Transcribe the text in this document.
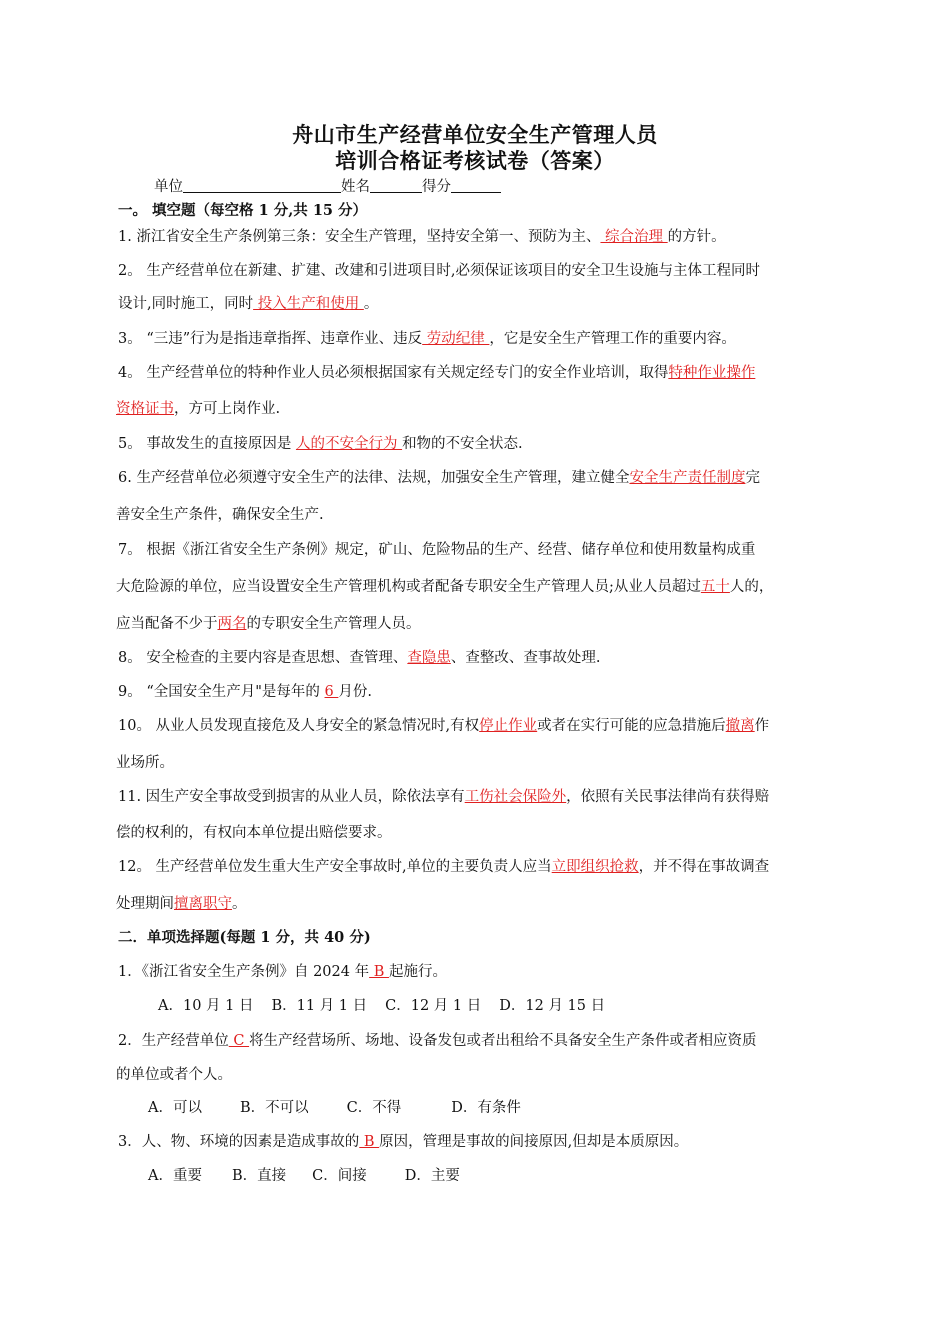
舟山市生产经营单位安全生产管理人员
培训合格证考核试卷（答案）
单位	姓名	得分
一。 填空题（每空格 1 分,共 15 分）
1. 浙江省安全生产条例第三条：安全生产管理，坚持安全第一、预防为主、 综合治理 的方针。
2。 生产经营单位在新建、扩建、改建和引进项目时,必须保证该项目的安全卫生设施与主体工程同时
设计,同时施工，同时 投入生产和使用 。
3。 “三违”行为是指违章指挥、违章作业、违反 劳动纪律 ，它是安全生产管理工作的重要内容。
4。 生产经营单位的特种作业人员必须根据国家有关规定经专门的安全作业培训，取得特种作业操作
资格证书，方可上岗作业.
5。 事故发生的直接原因是 人的不安全行为 和物的不安全状态.
6. 生产经营单位必须遵守安全生产的法律、法规，加强安全生产管理，建立健全安全生产责任制度完
善安全生产条件，确保安全生产.
7。 根据《浙江省安全生产条例》规定，矿山、危险物品的生产、经营、储存单位和使用数量构成重
大危险源的单位，应当设置安全生产管理机构或者配备专职安全生产管理人员;从业人员超过五十人的，
应当配备不少于两名的专职安全生产管理人员。
8。 安全检查的主要内容是查思想、查管理、查隐患、查整改、查事故处理.
9。 “全国安全生产月"是每年的 6 月份.
10。 从业人员发现直接危及人身安全的紧急情况时,有权停止作业或者在实行可能的应急措施后撤离作
业场所。
11. 因生产安全事故受到损害的从业人员，除依法享有工伤社会保险外，依照有关民事法律尚有获得赔
偿的权利的，有权向本单位提出赔偿要求。
12。 生产经营单位发生重大生产安全事故时,单位的主要负责人应当立即组织抢救，并不得在事故调查
处理期间擅离职守。
二．单项选择题(每题 1 分，共 40 分)
1．《浙江省安全生产条例》自 2024 年 B 起施行。
A．10 月 1 日 B．11 月 1 日 C．12 月 1 日 D．12 月 15 日
2．生产经营单位 C 将生产经营场所、场地、设备发包或者出租给不具备安全生产条件或者相应资质
的单位或者个人。
A．可以	B．不可以	C．不得	D．有条件
3．人、物、环境的因素是造成事故的 B 原因，管理是事故的间接原因,但却是本质原因。
A．重要 B．直接 C．间接	D．主要
